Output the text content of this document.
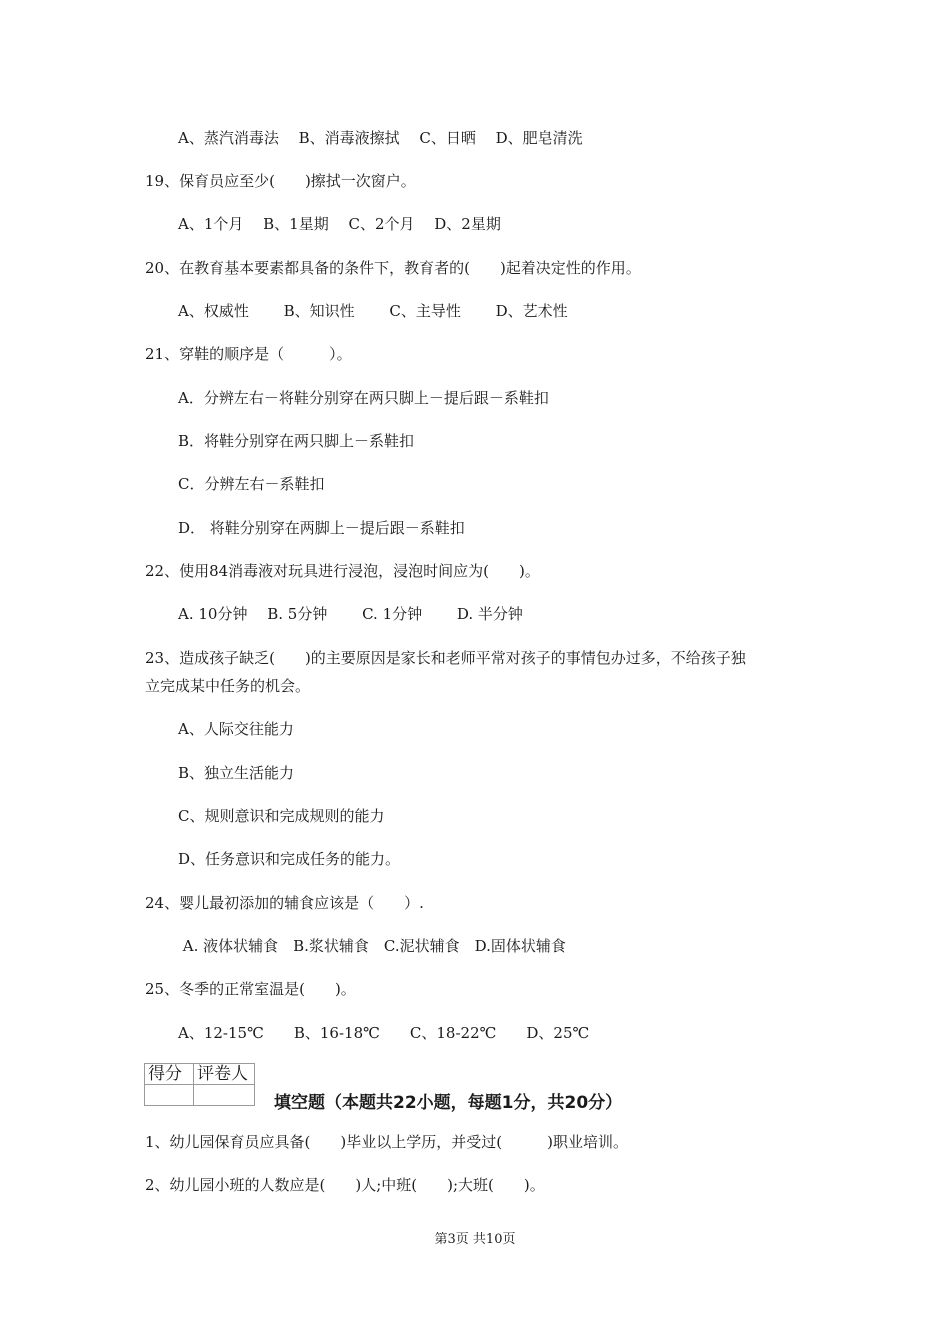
A、蒸汽消毒法　 B、消毒液擦拭　 C、日晒　 D、肥皂清洗
19、保育员应至少(　　)擦拭一次窗户。
A、1个月　 B、1星期　 C、2个月　 D、2星期
20、在教育基本要素都具备的条件下，教育者的(　　)起着决定性的作用。
A、权威性　　 B、知识性　　 C、主导性　　 D、艺术性
21、穿鞋的顺序是（　　　）。
A．分辨左右－将鞋分别穿在两只脚上－提后跟－系鞋扣
B．将鞋分别穿在两只脚上－系鞋扣
C．分辨左右－系鞋扣
D． 将鞋分别穿在两脚上－提后跟－系鞋扣
22、使用84消毒液对玩具进行浸泡，浸泡时间应为(　　)。
A. 10分钟　 B. 5分钟　　 C. 1分钟　　 D. 半分钟
23、造成孩子缺乏(　　)的主要原因是家长和老师平常对孩子的事情包办过多，不给孩子独
立完成某中任务的机会。
A、人际交往能力
B、独立生活能力
C、规则意识和完成规则的能力
D、任务意识和完成任务的能力。
24、婴儿最初添加的辅食应该是（　　）.
A. 液体状辅食　B.浆状辅食　C.泥状辅食　D.固体状辅食
25、冬季的正常室温是(　　)。
A、12-15℃　　B、16-18℃　　C、18-22℃　　D、25℃
得分	评卷人

填空题（本题共22小题，每题1分，共20分）
1、幼儿园保育员应具备(　　)毕业以上学历，并受过(　　　)职业培训。
2、幼儿园小班的人数应是(　　)人;中班(　　);大班(　　)。
第3页 共10页
